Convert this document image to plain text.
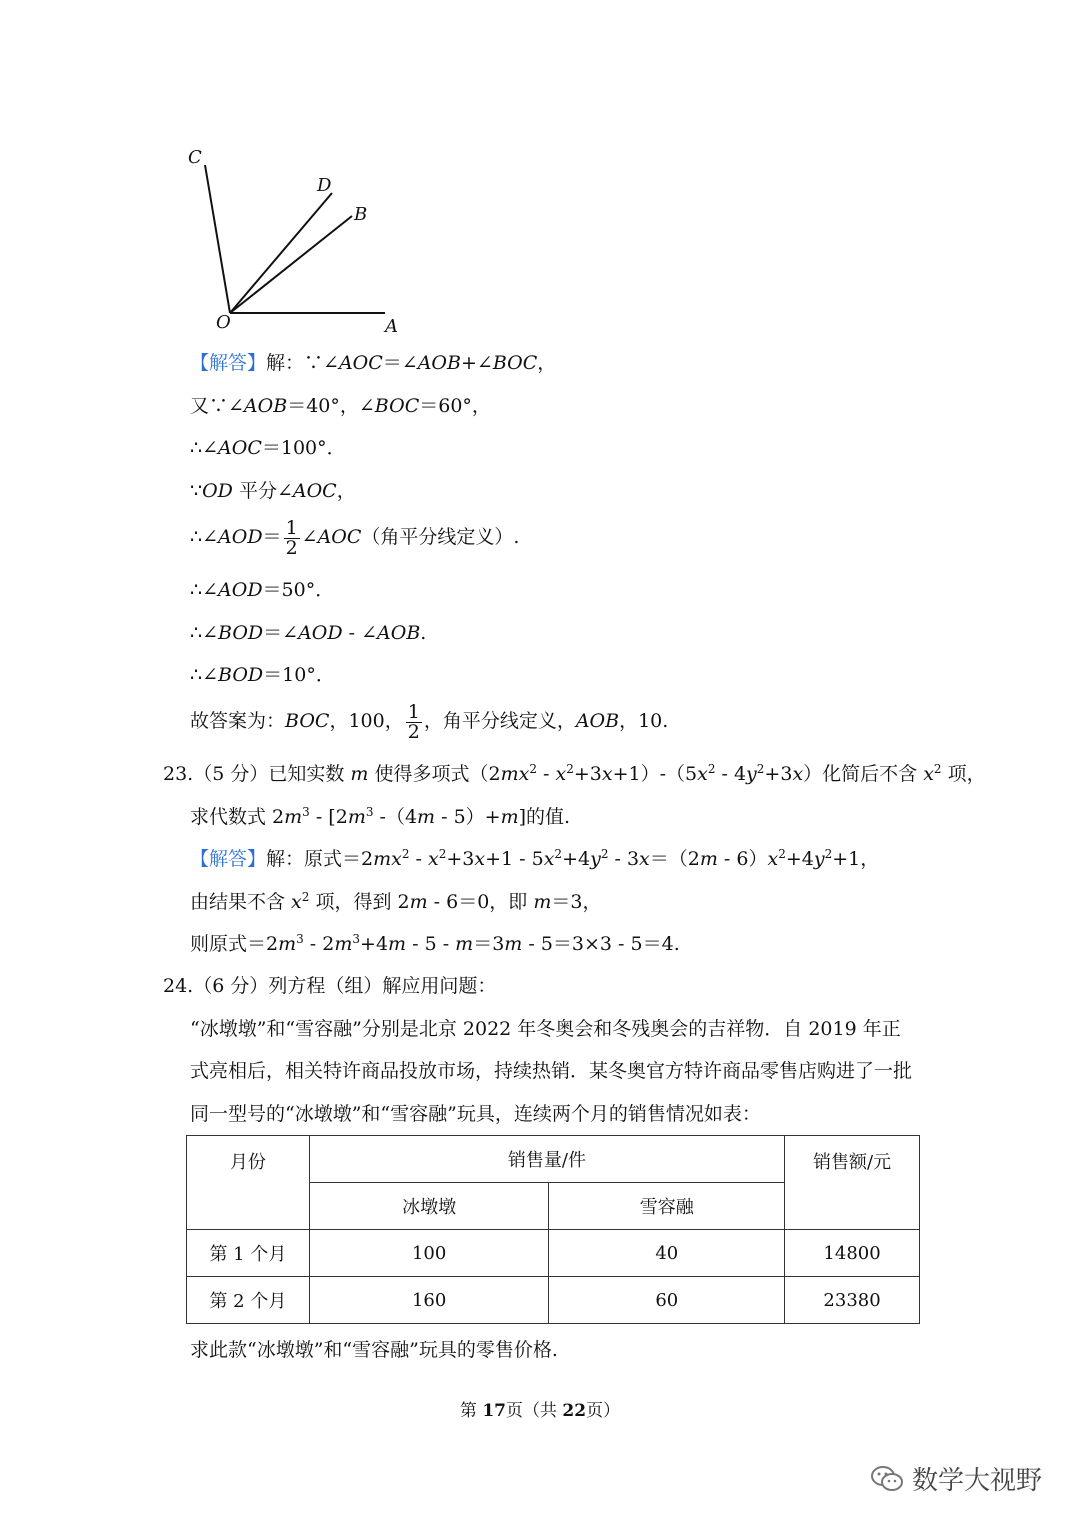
C
D
B
O	A
【解答】解：∵∠AOC＝∠AOB+∠BOC，
又∵∠AOB＝40°，∠BOC＝60°，
∴∠AOC＝100°．
∵OD 平分∠AOC，
∴∠AOD＝ $\frac{1}{2}$ ∠AOC（角平分线定义）.
∴∠AOD＝50°．
∴∠BOD＝∠AOD - ∠AOB.
∴∠BOD＝10°．
故答案为：BOC，100， $\frac{1}{2}$ ，角平分线定义，AOB，10.
23.（5 分）已知实数 m 使得多项式$(2mx^2 - x^2+3x+1)-(5x^2 - 4y^2+3x)$化简后不含 $x^2$ 项，
求代数式 $2m^3 - [2m^3$ -（4m - 5）+m]的值.
【解答】解：原式$=2mx^2 - x^2+3x+1 - 5x^2+4y^2 - 3x=(2m - 6)x^2+4y^2+1$，
由结果不含 $x^2$ 项，得到 2m - 6＝0，即 m＝3，
则原式$=2m^3 - 2m^3+4m - 5 - m=3m - 5=3\times 3 - 5=4$.
24.（6 分）列方程（组）解应用问题：
“冰墩墩”和“雪容融”分别是北京 2022 年冬奥会和冬残奥会的吉祥物．自 2019 年正
式亮相后，相关特许商品投放市场，持续热销．某冬奥官方特许商品零售店购进了一批
同一型号的“冰墩墩”和“雪容融”玩具，连续两个月的销售情况如表：
月份	销售量/件		销售额/元
	冰墩墩	雪容融	
第 1 个月	100	40	14800
第 2 个月	160	60	23380
求此款“冰墩墩”和“雪容融”玩具的零售价格.
第 17页（共 22页）
数学大视野
